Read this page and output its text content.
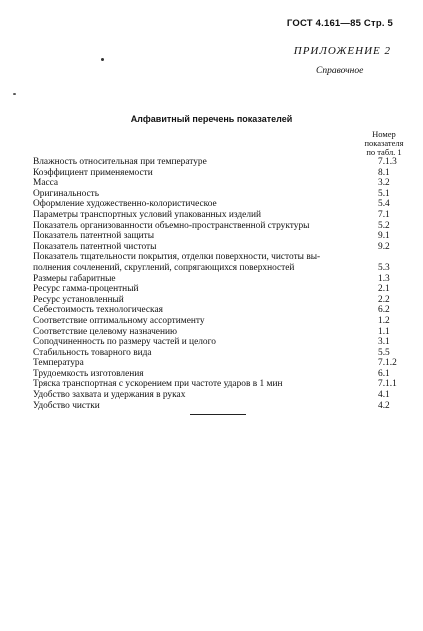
ГОСТ 4.161—85 Стр. 5
ПРИЛОЖЕНИЕ 2
Справочное
Алфавитный перечень показателей
Номер
показателя
по табл. 1
Влажность относительная при температуре	7.1.3
Коэффициент применяемости	8.1
Масса	3.2
Оригинальность	5.1
Оформление художественно-колористическое	5.4
Параметры транспортных условий упакованных изделий	7.1
Показатель организованности объемно-пространственной структуры	5.2
Показатель патентной защиты	9.1
Показатель патентной чистоты	9.2
Показатель тщательности покрытия, отделки поверхности, чистоты вы-
полнения сочленений, скруглений, сопрягающихся поверхностей	5.3
Размеры габаритные	1.3
Ресурс гамма-процентный	2.1
Ресурс установленный	2.2
Себестоимость технологическая	6.2
Соответствие оптимальному ассортименту	1.2
Соответствие целевому назначению	1.1
Соподчиненность по размеру частей и целого	3.1
Стабильность товарного вида	5.5
Температура	7.1.2
Трудоемкость изготовления	6.1
Тряска транспортная с ускорением при частоте ударов в 1 мин	7.1.1
Удобство захвата и удержания в руках	4.1
Удобство чистки	4.2
